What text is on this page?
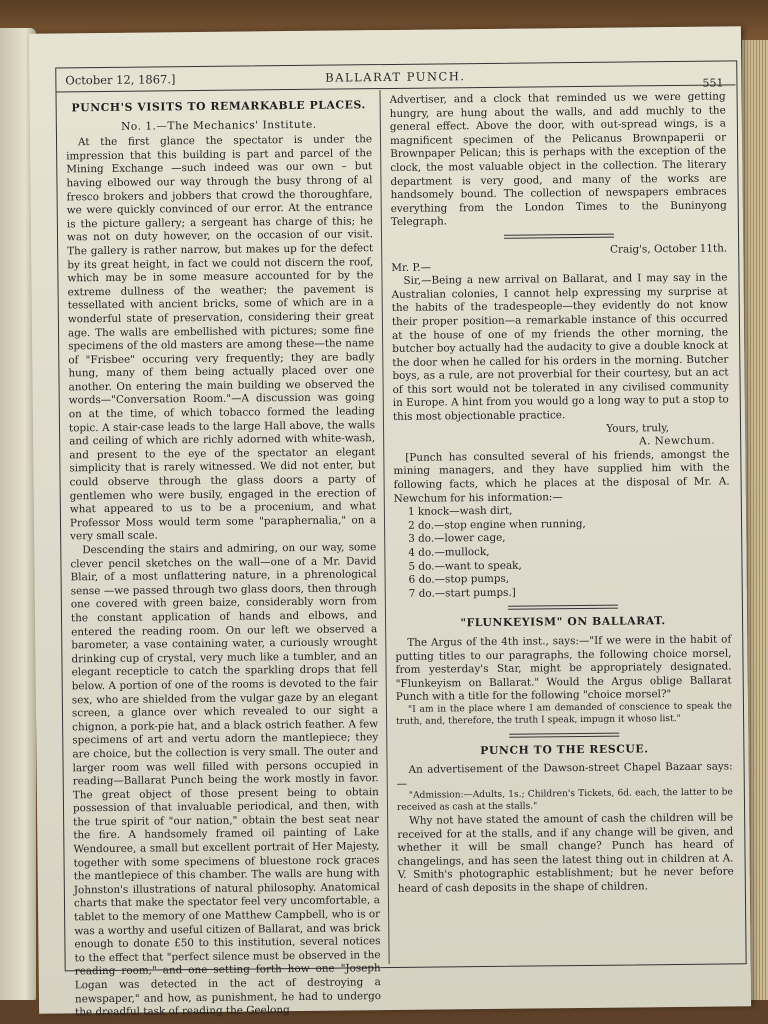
October 12, 1867.]	BALLARAT PUNCH.	551

PUNCH'S VISITS TO REMARKABLE PLACES.

No. 1.—The Mechanics' Institute.

At the first glance the spectator is under the impression that this building is part and parcel of the Mining Exchange —such indeed was our own – but having elbowed our way through the busy throng of al fresco brokers and jobbers that crowd the thoroughfare, we were quickly convinced of our error. At the entrance is the picture gallery; a sergeant has charge of this; he was not on duty however, on the occasion of our visit. The gallery is rather narrow, but makes up for the defect by its great height, in fact we could not discern the roof, which may be in some measure accounted for by the extreme dullness of the weather; the pavement is tessellated with ancient bricks, some of which are in a wonderful state of preservation, considering their great age. The walls are embellished with pictures; some fine specimens of the old masters are among these—the name of "Frisbee" occuring very frequently; they are badly hung, many of them being actually placed over one another. On entering the main building we observed the words—"Conversation Room."—A discussion was going on at the time, of which tobacco formed the leading topic. A stair-case leads to the large Hall above, the walls and ceiling of which are richly adorned with white-wash, and present to the eye of the spectator an elegant simplicity that is rarely witnessed. We did not enter, but could observe through the glass doors a party of gentlemen who were busily, engaged in the erection of what appeared to us to be a procenium, and what Professor Moss would term some "paraphernalia," on a very small scale.

Descending the stairs and admiring, on our way, some clever pencil sketches on the wall—one of a Mr. David Blair, of a most unflattering nature, in a phrenological sense —we passed through two glass doors, then through one covered with green baize, considerably worn from the constant application of hands and elbows, and entered the reading room. On our left we observed a barometer, a vase containing water, a curiously wrought drinking cup of crystal, very much like a tumbler, and an elegant recepticle to catch the sparkling drops that fell below. A portion of one of the rooms is devoted to the fair sex, who are shielded from the vulgar gaze by an elegant screen, a glance over which revealed to our sight a chignon, a pork-pie hat, and a black ostrich feather. A few specimens of art and vertu adorn the mantlepiece; they are choice, but the collection is very small. The outer and larger room was well filled with persons occupied in reading—Ballarat Punch being the work mostly in favor. The great object of those present being to obtain possession of that invaluable periodical, and then, with the true spirit of "our nation," obtain the best seat near the fire. A handsomely framed oil painting of Lake Wendouree, a small but excellent portrait of Her Majesty, together with some specimens of bluestone rock graces the mantlepiece of this chamber. The walls are hung with Johnston's illustrations of natural philosophy. Anatomical charts that make the spectator feel very uncomfortable, a tablet to the memory of one Matthew Campbell, who is or was a worthy and useful citizen of Ballarat, and was brick enough to donate £50 to this institution, several notices to the effect that "perfect silence must be observed in the reading room," and one setting forth how one "Joseph Logan was detected in the act of destroying a newspaper," and how, as punishment, he had to undergo the dreadful task of reading the Geelong

Advertiser, and a clock that reminded us we were getting hungry, are hung about the walls, and add muchly to the general effect. Above the door, with out-spread wings, is a magnificent specimen of the Pelicanus Brownpaperii or Brownpaper Pelican; this is perhaps with the exception of the clock, the most valuable object in the collection. The literary department is very good, and many of the works are handsomely bound. The collection of newspapers embraces everything from the London Times to the Buninyong Telegraph.

Craig's, October 11th.

Mr. P.—

Sir,—Being a new arrival on Ballarat, and I may say in the Australian colonies, I cannot help expressing my surprise at the habits of the tradespeople—they evidently do not know their proper position—a remarkable instance of this occurred at the house of one of my friends the other morning, the butcher boy actually had the audacity to give a double knock at the door when he called for his orders in the morning. Butcher boys, as a rule, are not proverbial for their courtesy, but an act of this sort would not be tolerated in any civilised community in Europe. A hint from you would go a long way to put a stop to this most objectionable practice.

Yours, truly,

A. Newchum.

[Punch has consulted several of his friends, amongst the mining managers, and they have supplied him with the following facts, which he places at the disposal of Mr. A. Newchum for his information:—

1 knock—wash dirt,

2 do.—stop engine when running,

3 do.—lower cage,

4 do.—mullock,

5 do.—want to speak,

6 do.—stop pumps,

7 do.—start pumps.]

"FLUNKEYISM" ON BALLARAT.

The Argus of the 4th inst., says:—"If we were in the habit of putting titles to our paragraphs, the following choice morsel, from yesterday's Star, might be appropriately designated. "Flunkeyism on Ballarat." Would the Argus oblige Ballarat Punch with a title for the following "choice morsel?"

"I am in the place where I am demanded of conscience to speak the truth, and, therefore, the truth I speak, impugn it whoso list."

PUNCH TO THE RESCUE.

An advertisement of the Dawson-street Chapel Bazaar says:—

"Admission:—Adults, 1s.; Children's Tickets, 6d. each, the latter to be received as cash at the stalls."

Why not have stated the amount of cash the children will be received for at the stalls, and if any change will be given, and whether it will be small change? Punch has heard of changelings, and has seen the latest thing out in children at A. V. Smith's photographic establishment; but he never before heard of cash deposits in the shape of children.
